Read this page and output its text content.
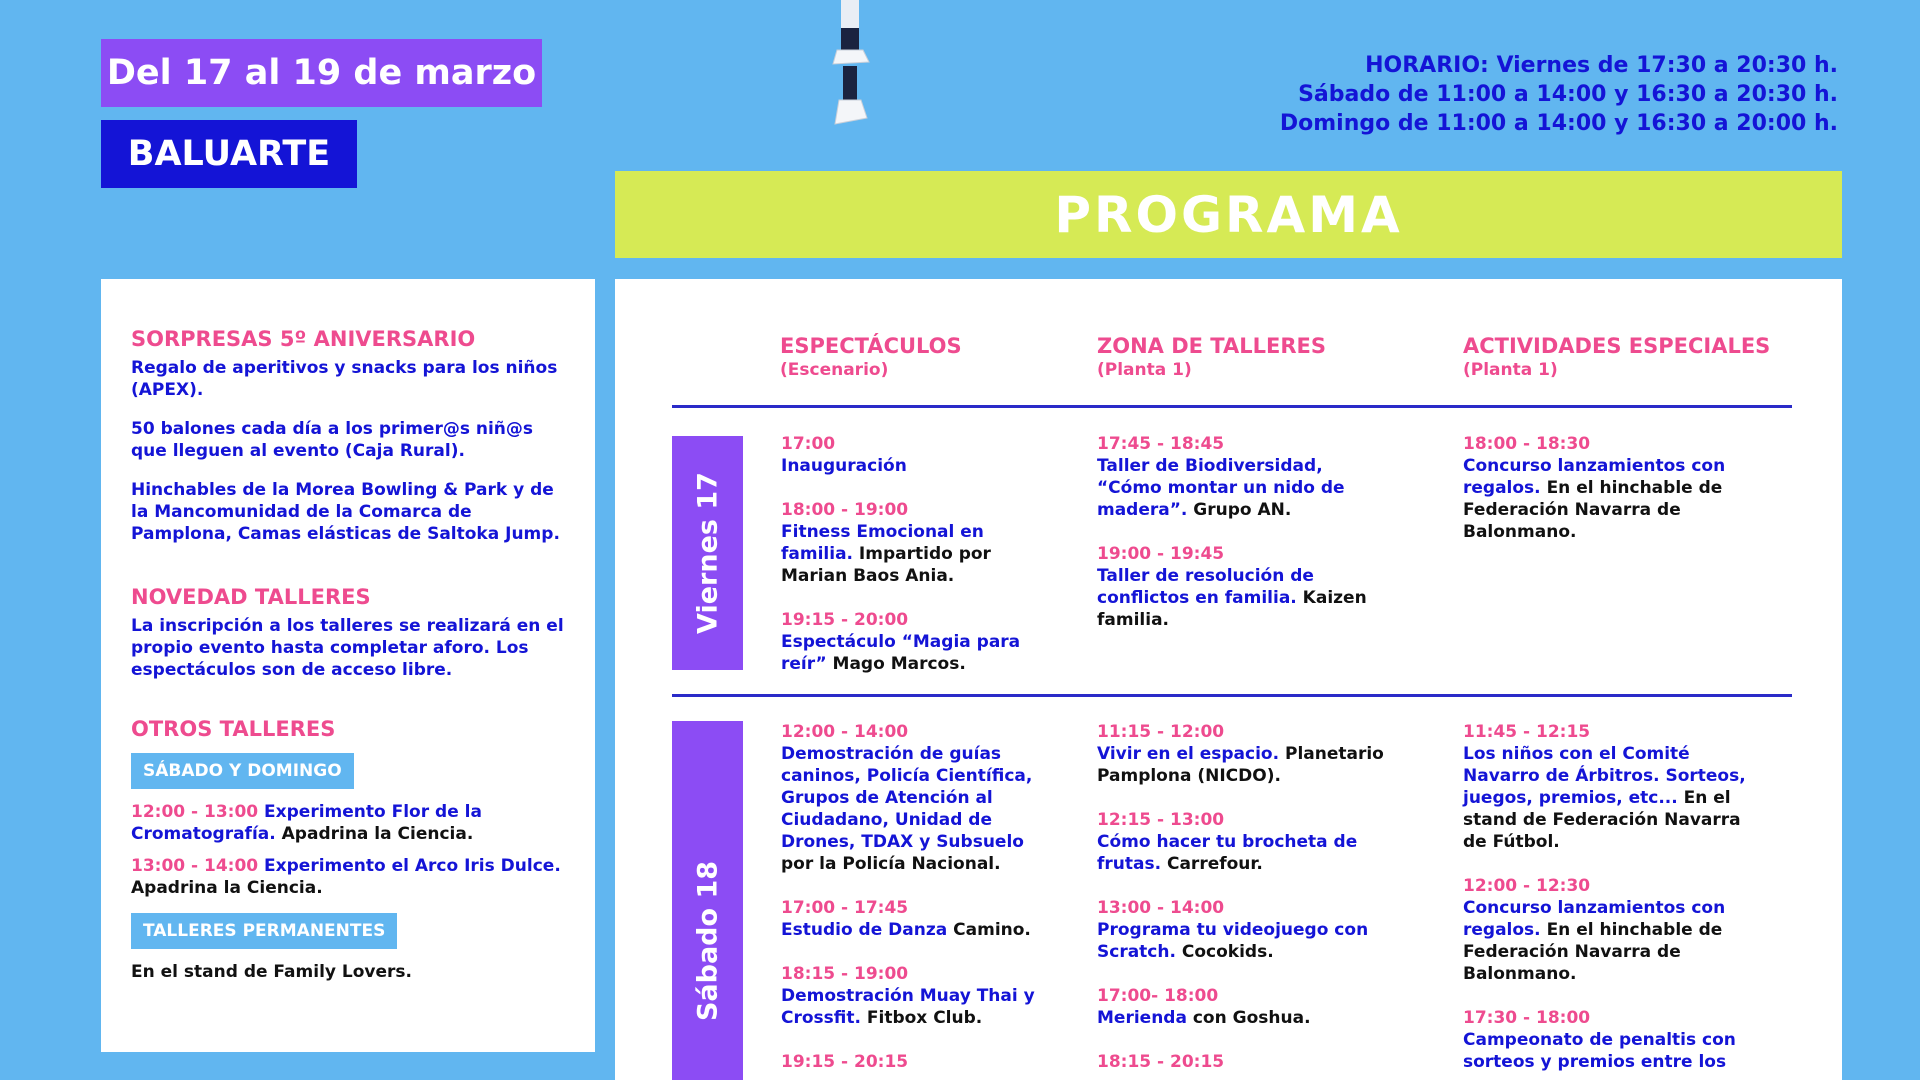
Del 17 al 19 de marzo
BALUARTE
HORARIO: Viernes de 17:30 a 20:30 h.
Sábado de 11:00 a 14:00 y 16:30 a 20:30 h.
Domingo de 11:00 a 14:00 y 16:30 a 20:00 h.
PROGRAMA
SORPRESAS 5º ANIVERSARIO

Regalo de aperitivos y snacks para los niños (APEX).

50 balones cada día a los primer@s niñ@s que lleguen al evento (Caja Rural).

Hinchables de la Morea Bowling & Park y de la Mancomunidad de la Comarca de Pamplona, Camas elásticas de Saltoka Jump.

NOVEDAD TALLERES

La inscripción a los talleres se realizará en el propio evento hasta completar aforo. Los espectáculos son de acceso libre.

OTROS TALLERES
SÁBADO Y DOMINGO

12:00 - 13:00 Experimento Flor de la Cromatografía. Apadrina la Ciencia.

13:00 - 14:00 Experimento el Arco Iris Dulce. Apadrina la Ciencia.

TALLERES PERMANENTES
En el stand de Family Lovers.
ESPECTÁCULOS
(Escenario)
ZONA DE TALLERES
(Planta 1)
ACTIVIDADES ESPECIALES
(Planta 1)
Viernes 17
17:00
Inauguración
18:00 - 19:00
Fitness Emocional en familia. Impartido por Marian Baos Ania.
19:15 - 20:00
Espectáculo “Magia para reír” Mago Marcos.
17:45 - 18:45
Taller de Biodiversidad, “Cómo montar un nido de madera”. Grupo AN.
19:00 - 19:45
Taller de resolución de conflictos en familia. Kaizen familia.
18:00 - 18:30
Concurso lanzamientos con regalos. En el hinchable de Federación Navarra de Balonmano.
Sábado 18
12:00 - 14:00
Demostración de guías caninos, Policía Científica, Grupos de Atención al Ciudadano, Unidad de Drones, TDAX y Subsuelo por la Policía Nacional.
17:00 - 17:45
Estudio de Danza Camino.
18:15 - 19:00
Demostración Muay Thai y Crossfit. Fitbox Club.
19:15 - 20:15
11:15 - 12:00
Vivir en el espacio. Planetario Pamplona (NICDO).
12:15 - 13:00
Cómo hacer tu brocheta de frutas. Carrefour.
13:00 - 14:00
Programa tu videojuego con Scratch. Cocokids.
17:00- 18:00
Merienda con Goshua.
18:15 - 20:15
11:45 - 12:15
Los niños con el Comité Navarro de Árbitros. Sorteos, juegos, premios, etc... En el stand de Federación Navarra de Fútbol.
12:00 - 12:30
Concurso lanzamientos con regalos. En el hinchable de Federación Navarra de Balonmano.
17:30 - 18:00
Campeonato de penaltis con sorteos y premios entre los
